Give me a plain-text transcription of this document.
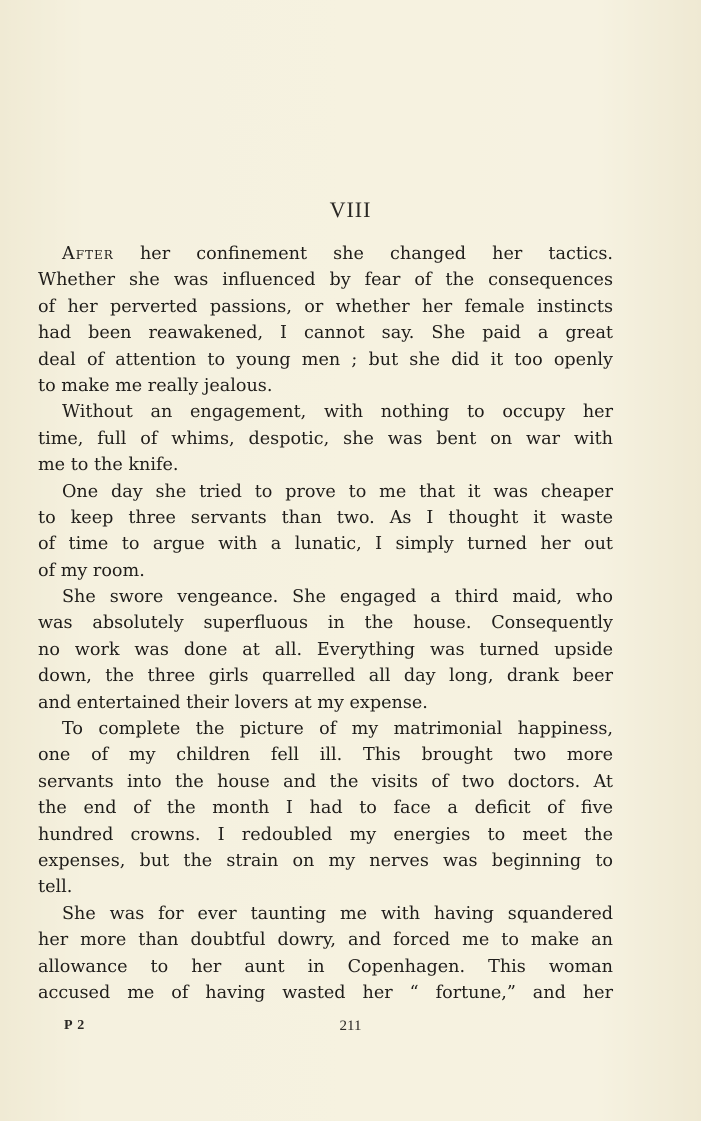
VIII
After her confinement she changed her tactics.
Whether she was influenced by fear of the consequences
of her perverted passions, or whether her female instincts
had been reawakened, I cannot say. She paid a great
deal of attention to young men ; but she did it too openly
to make me really jealous.
Without an engagement, with nothing to occupy her
time, full of whims, despotic, she was bent on war with
me to the knife.
One day she tried to prove to me that it was cheaper
to keep three servants than two. As I thought it waste
of time to argue with a lunatic, I simply turned her out
of my room.
She swore vengeance. She engaged a third maid, who
was absolutely superfluous in the house. Consequently
no work was done at all. Everything was turned upside
down, the three girls quarrelled all day long, drank beer
and entertained their lovers at my expense.
To complete the picture of my matrimonial happiness,
one of my children fell ill. This brought two more
servants into the house and the visits of two doctors. At
the end of the month I had to face a deficit of five
hundred crowns. I redoubled my energies to meet the
expenses, but the strain on my nerves was beginning to
tell.
She was for ever taunting me with having squandered
her more than doubtful dowry, and forced me to make an
allowance to her aunt in Copenhagen. This woman
accused me of having wasted her “ fortune,” and her
P 2	211
